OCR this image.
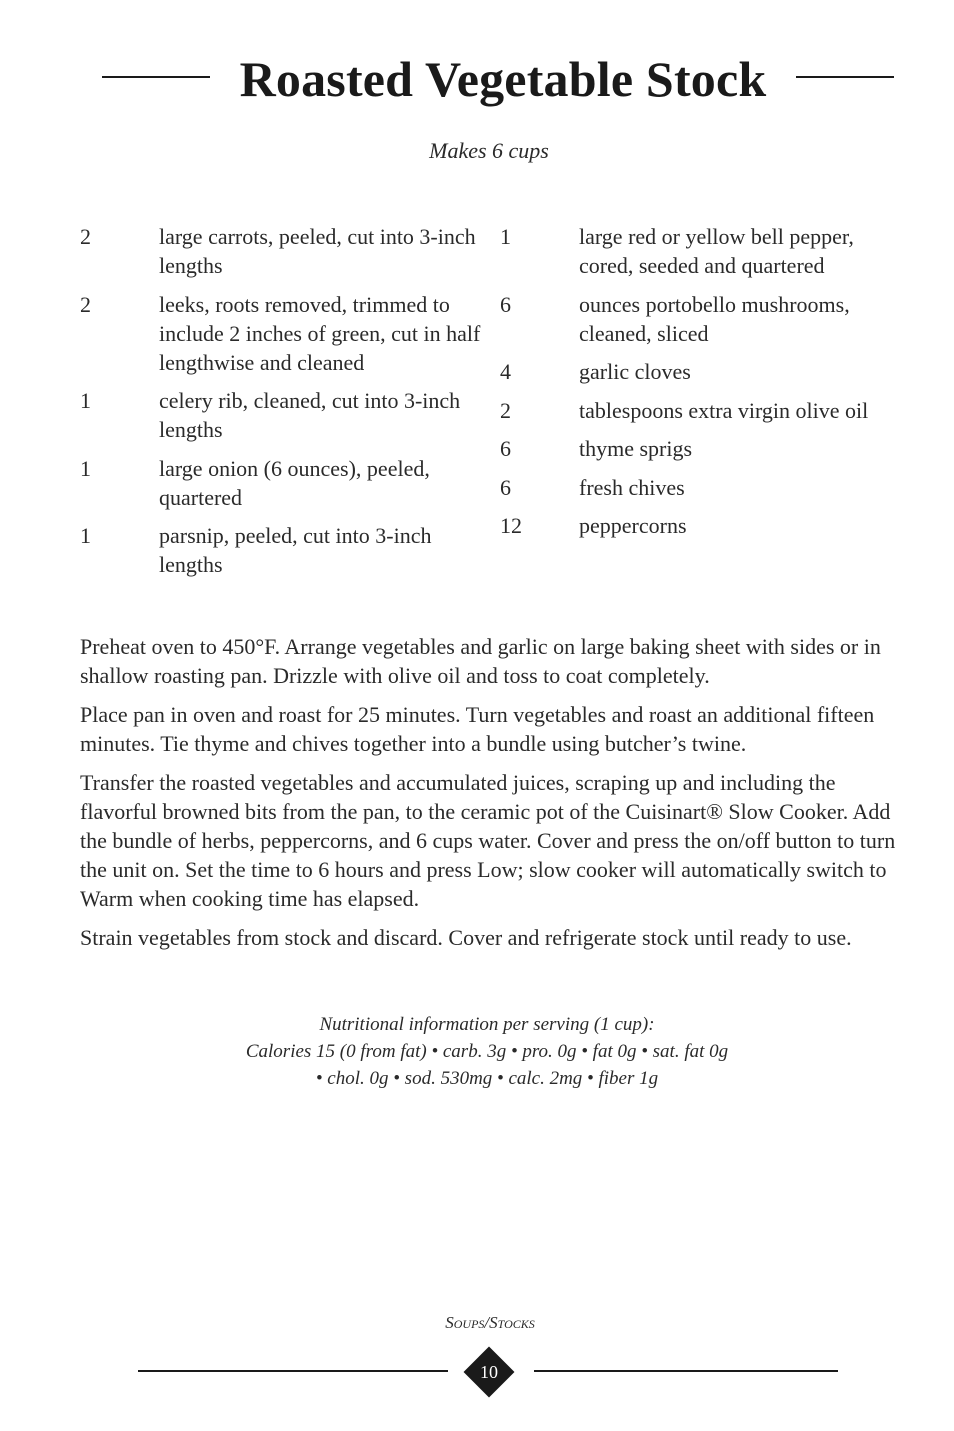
Roasted Vegetable Stock
Makes 6 cups
2	large carrots, peeled, cut into 3-inch lengths
2	leeks, roots removed, trimmed to include 2 inches of green, cut in half lengthwise and cleaned
1	celery rib, cleaned, cut into 3-inch lengths
1	large onion (6 ounces), peeled, quartered
1	parsnip, peeled, cut into 3-inch lengths
1	large red or yellow bell pepper, cored, seeded and quartered
6	ounces portobello mushrooms, cleaned, sliced
4	garlic cloves
2	tablespoons extra virgin olive oil
6	thyme sprigs
6	fresh chives
12	peppercorns

Preheat oven to 450°F. Arrange vegetables and garlic on large baking sheet with sides or in shallow roasting pan. Drizzle with olive oil and toss to coat completely.

Place pan in oven and roast for 25 minutes. Turn vegetables and roast an additional fifteen minutes. Tie thyme and chives together into a bundle using butcher’s twine.

Transfer the roasted vegetables and accumulated juices, scraping up and including the flavorful browned bits from the pan, to the ceramic pot of the Cuisinart® Slow Cooker. Add the bundle of herbs, peppercorns, and 6 cups water. Cover and press the on/off button to turn the unit on. Set the time to 6 hours and press Low; slow cooker will automatically switch to Warm when cooking time has elapsed.

Strain vegetables from stock and discard. Cover and refrigerate stock until ready to use.

Nutritional information per serving (1 cup):
Calories 15 (0 from fat) • carb. 3g • pro. 0g • fat 0g • sat. fat 0g
• chol. 0g • sod. 530mg • calc. 2mg • fiber 1g
Soups/Stocks
10
